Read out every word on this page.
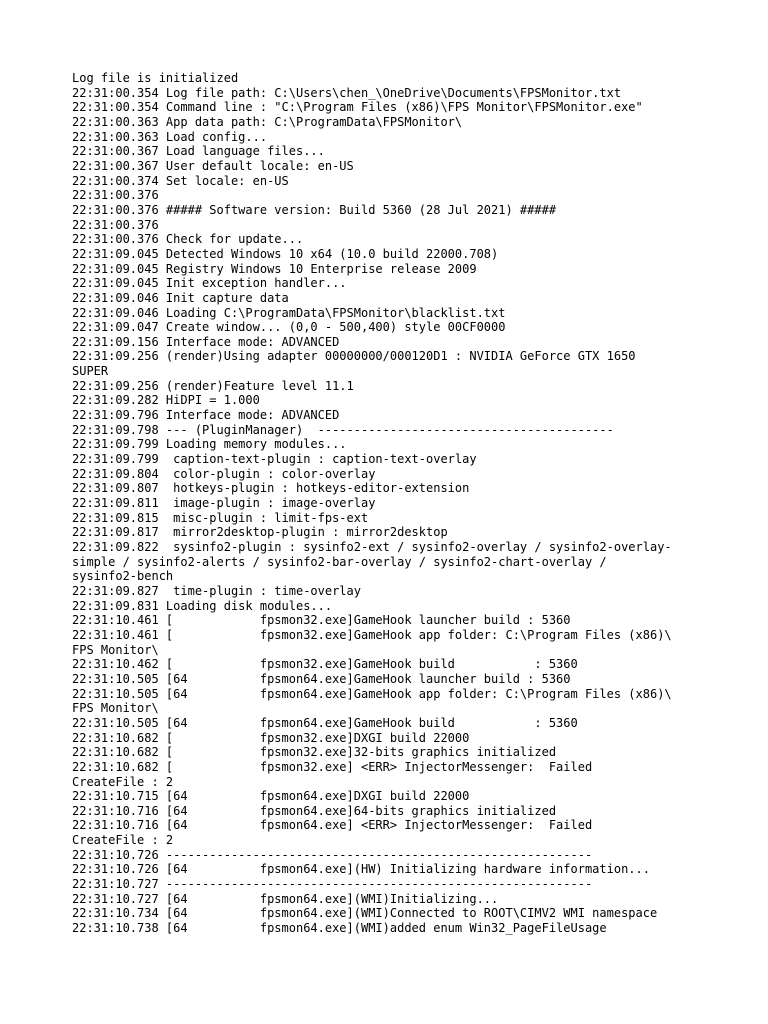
Log file is initialized
22:31:00.354 Log file path: C:\Users\chen_\OneDrive\Documents\FPSMonitor.txt
22:31:00.354 Command line : "C:\Program Files (x86)\FPS Monitor\FPSMonitor.exe"
22:31:00.363 App data path: C:\ProgramData\FPSMonitor\
22:31:00.363 Load config...
22:31:00.367 Load language files...
22:31:00.367 User default locale: en-US
22:31:00.374 Set locale: en-US
22:31:00.376
22:31:00.376 ##### Software version: Build 5360 (28 Jul 2021) #####
22:31:00.376
22:31:00.376 Check for update...
22:31:09.045 Detected Windows 10 x64 (10.0 build 22000.708)
22:31:09.045 Registry Windows 10 Enterprise release 2009
22:31:09.045 Init exception handler...
22:31:09.046 Init capture data
22:31:09.046 Loading C:\ProgramData\FPSMonitor\blacklist.txt
22:31:09.047 Create window... (0,0 - 500,400) style 00CF0000
22:31:09.156 Interface mode: ADVANCED
22:31:09.256 (render)Using adapter 00000000/000120D1 : NVIDIA GeForce GTX 1650
SUPER
22:31:09.256 (render)Feature level 11.1
22:31:09.282 HiDPI = 1.000
22:31:09.796 Interface mode: ADVANCED
22:31:09.798 --- (PluginManager)  -----------------------------------------
22:31:09.799 Loading memory modules...
22:31:09.799  caption-text-plugin : caption-text-overlay
22:31:09.804  color-plugin : color-overlay
22:31:09.807  hotkeys-plugin : hotkeys-editor-extension
22:31:09.811  image-plugin : image-overlay
22:31:09.815  misc-plugin : limit-fps-ext
22:31:09.817  mirror2desktop-plugin : mirror2desktop
22:31:09.822  sysinfo2-plugin : sysinfo2-ext / sysinfo2-overlay / sysinfo2-overlay-
simple / sysinfo2-alerts / sysinfo2-bar-overlay / sysinfo2-chart-overlay /
sysinfo2-bench
22:31:09.827  time-plugin : time-overlay
22:31:09.831 Loading disk modules...
22:31:10.461 [            fpsmon32.exe]GameHook launcher build : 5360
22:31:10.461 [            fpsmon32.exe]GameHook app folder: C:\Program Files (x86)\
FPS Monitor\
22:31:10.462 [            fpsmon32.exe]GameHook build           : 5360
22:31:10.505 [64          fpsmon64.exe]GameHook launcher build : 5360
22:31:10.505 [64          fpsmon64.exe]GameHook app folder: C:\Program Files (x86)\
FPS Monitor\
22:31:10.505 [64          fpsmon64.exe]GameHook build           : 5360
22:31:10.682 [            fpsmon32.exe]DXGI build 22000
22:31:10.682 [            fpsmon32.exe]32-bits graphics initialized
22:31:10.682 [            fpsmon32.exe] <ERR> InjectorMessenger:  Failed
CreateFile : 2
22:31:10.715 [64          fpsmon64.exe]DXGI build 22000
22:31:10.716 [64          fpsmon64.exe]64-bits graphics initialized
22:31:10.716 [64          fpsmon64.exe] <ERR> InjectorMessenger:  Failed
CreateFile : 2
22:31:10.726 -----------------------------------------------------------
22:31:10.726 [64          fpsmon64.exe](HW) Initializing hardware information...
22:31:10.727 -----------------------------------------------------------
22:31:10.727 [64          fpsmon64.exe](WMI)Initializing...
22:31:10.734 [64          fpsmon64.exe](WMI)Connected to ROOT\CIMV2 WMI namespace
22:31:10.738 [64          fpsmon64.exe](WMI)added enum Win32_PageFileUsage
